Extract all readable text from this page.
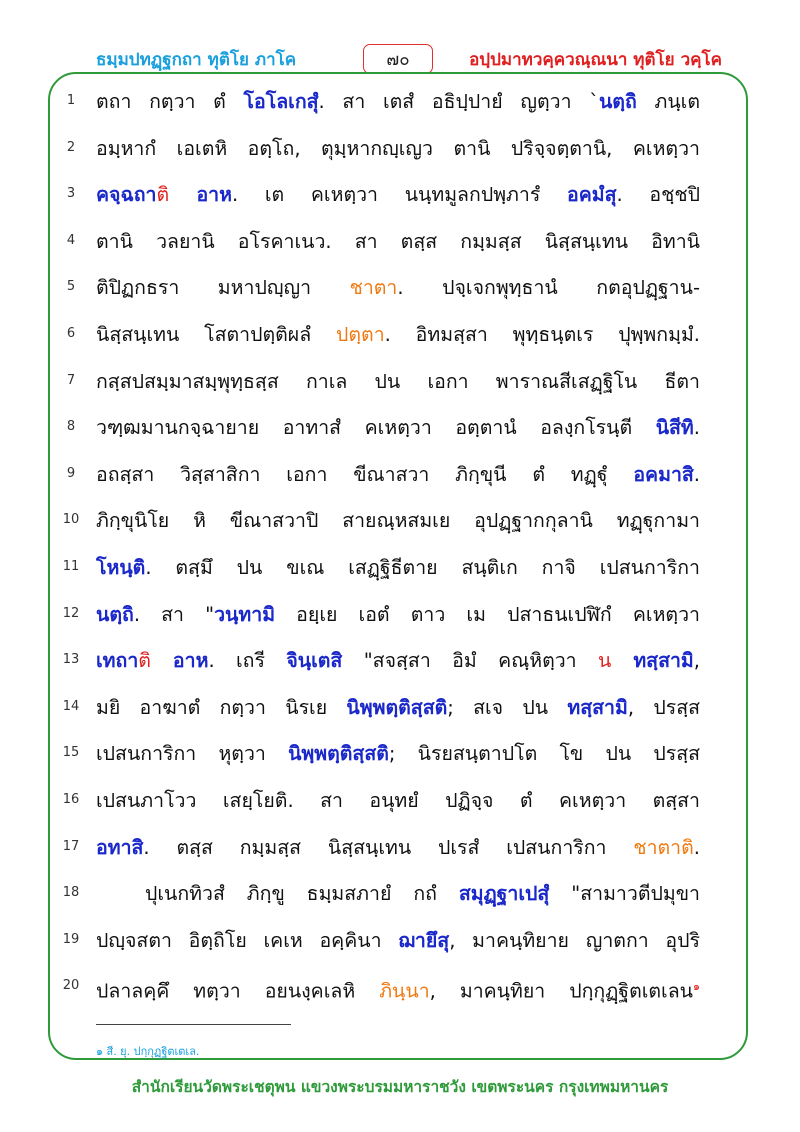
ธมฺมปทฏฺฐกถา ทุติโย ภาโค	๗๐	อปฺปมาทวคฺควณฺณนา ทุติโย วคฺโค
1	ตถา กตฺวา ตํ โอโลเกสุํ. สา เตสํ อธิปฺปายํ ญตฺวา `นตฺถิ ภนฺเต
2	อมฺหากํ เอเตหิ อตฺโถ, ตุมฺหากญฺเญว ตานิ ปริจฺจตฺตานิ, คเหตฺวา
3	คจฺฉถาติ อาห. เต คเหตฺวา นนฺทมูลกปพฺภารํ อคมํสุ. อชฺชปิ
4	ตานิ วลยานิ อโรคาเนว. สา ตสฺส กมฺมสฺส นิสฺสนฺเทน อิทานิ
5	ติปิฏกธรา มหาปญฺญา ชาตา. ปจฺเจกพุทฺธานํ กตอุปฏฺฐาน-
6	นิสฺสนฺเทน โสตาปตฺติผลํ ปตฺตา. อิทมสฺสา พุทฺธนฺตเร ปุพฺพกมฺมํ.
7	กสฺสปสมฺมาสมฺพุทฺธสฺส กาเล ปน เอกา พาราณสีเสฏฺฐิโน ธีตา
8	วฑฺฒมานกจฺฉายาย อาทาสํ คเหตฺวา อตฺตานํ อลงฺกโรนฺตี นิสีทิ.
9	อถสฺสา วิสฺสาสิกา เอกา ขีณาสวา ภิกฺขุนี ตํ ทฏฺฐุํ อคมาสิ.
10 ภิกฺขุนิโย หิ ขีณาสวาปิ สายณฺหสมเย อุปฏฺฐากกุลานิ ทฏฺฐุกามา
11 โหนฺติ. ตสฺมึ ปน ขเณ เสฏฺฐิธีตาย สนฺติเก กาจิ เปสนการิกา
12 นตฺถิ. สา "วนฺทามิ อยฺเย เอตํ ตาว เม ปสาธนเปฬิกํ คเหตฺวา
13 เทถาติ อาห. เถรี จินฺเตสิ "สจสฺสา อิมํ คณฺหิตฺวา น ทสฺสามิ,
14 มยิ อาฆาตํ กตฺวา นิรเย นิพฺพตฺติสฺสติ; สเจ ปน ทสฺสามิ, ปรสฺส
15 เปสนการิกา หุตฺวา นิพฺพตฺติสฺสติ; นิรยสนฺตาปโต โข ปน ปรสฺส
16 เปสนภาโวว เสยฺโยติ. สา อนุทยํ ปฏิจฺจ ตํ คเหตฺวา ตสฺสา
17 อทาสิ. ตสฺส กมฺมสฺส นิสฺสนฺเทน ปเรสํ เปสนการิกา ชาตาติ.
18	ปุเนกทิวสํ ภิกฺขู ธมฺมสภายํ กถํ สมุฏฺฐาเปสุํ "สามาวตีปมุขา
19 ปญฺจสตา อิตฺถิโย เคเห อคฺคินา ฌายึสุ, มาคนฺทิยาย ญาตกา อุปริ
20 ปลาลคฺคึ ทตฺวา อยนงฺคเลหิ ภินฺนา, มาคนฺทิยา ปกฺกุฏฺฐิตเตเลน$^๑$
๑ สี. ยุ. ปกฺกุฏฺฐิตเตเล.
สำนักเรียนวัดพระเชตุพน แขวงพระบรมมหาราชวัง เขตพระนคร กรุงเทพมหานคร
